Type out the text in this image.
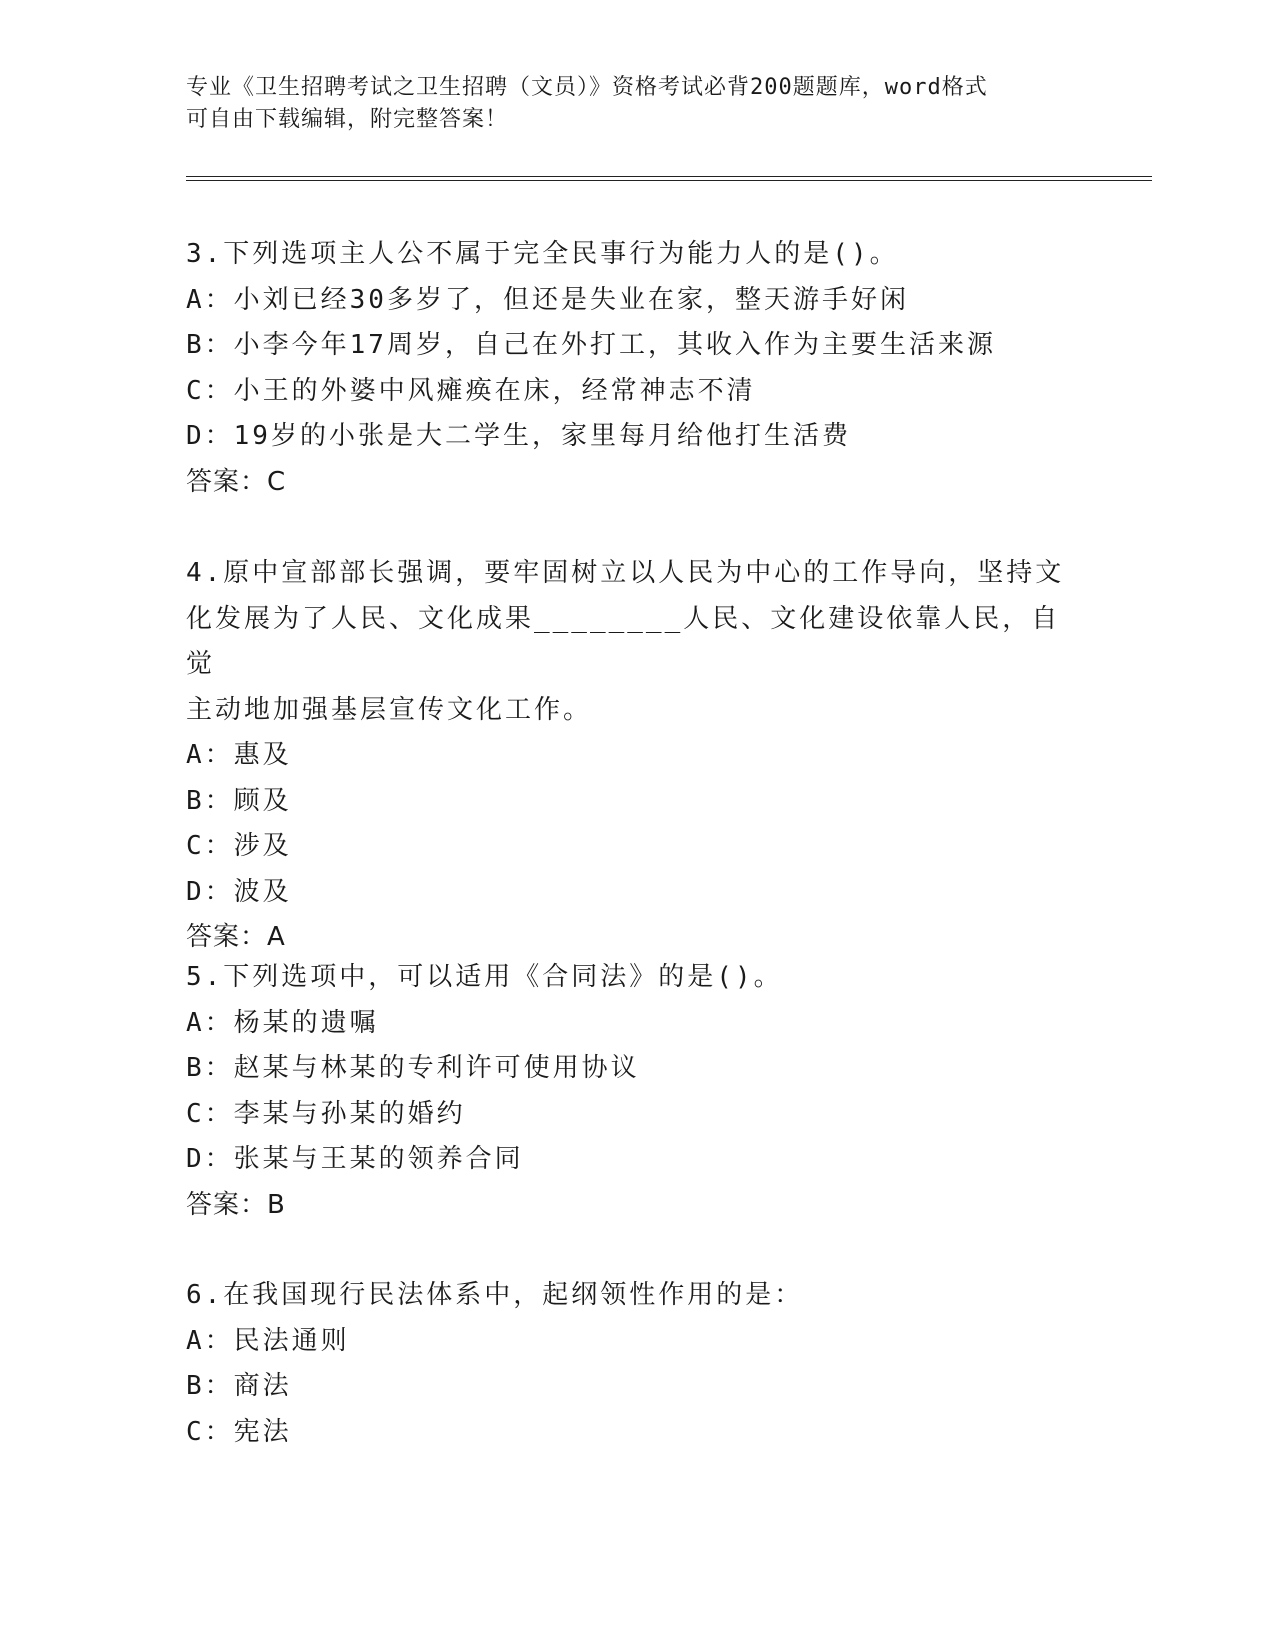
专业《卫生招聘考试之卫生招聘（文员）》资格考试必背200题题库，word格式
可自由下载编辑，附完整答案！
3.下列选项主人公不属于完全民事行为能力人的是()。
A：小刘已经30多岁了，但还是失业在家，整天游手好闲
B：小李今年17周岁，自己在外打工，其收入作为主要生活来源
C：小王的外婆中风瘫痪在床，经常神志不清
D：19岁的小张是大二学生，家里每月给他打生活费
答案：C
4.原中宣部部长强调，要牢固树立以人民为中心的工作导向，坚持文
化发展为了人民、文化成果________人民、文化建设依靠人民，自觉
主动地加强基层宣传文化工作。
A：惠及
B：顾及
C：涉及
D：波及
答案：A
5.下列选项中，可以适用《合同法》的是()。
A：杨某的遗嘱
B：赵某与林某的专利许可使用协议
C：李某与孙某的婚约
D：张某与王某的领养合同
答案：B
6.在我国现行民法体系中，起纲领性作用的是：
A：民法通则
B：商法
C：宪法
